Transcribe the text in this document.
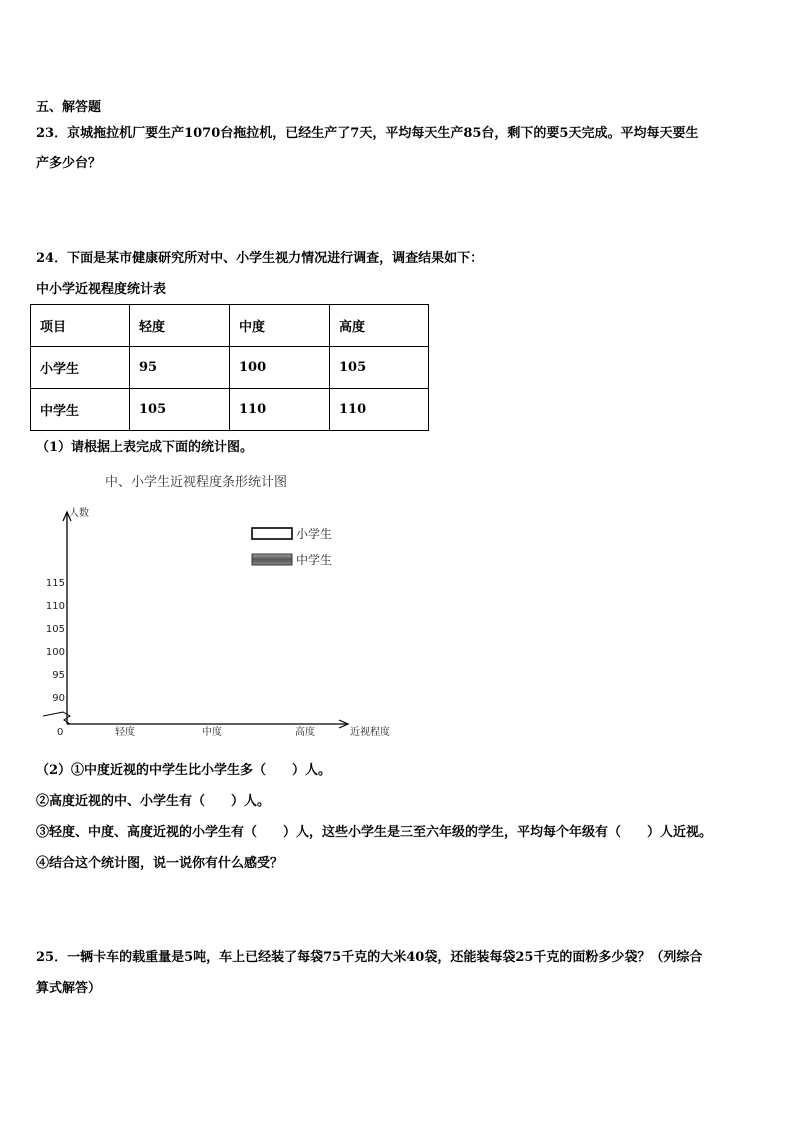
五、解答题
23．京城拖拉机厂要生产1070台拖拉机，已经生产了7天，平均每天生产85台，剩下的要5天完成。平均每天要生
产多少台？
24．下面是某市健康研究所对中、小学生视力情况进行调查，调查结果如下：
中小学近视程度统计表
项目	轻度	中度	高度
小学生	95	100	105
中学生	105	110	110
（1）请根据上表完成下面的统计图。
中、小学生近视程度条形统计图
人数
近视程度
0
90
95
100
105
110
115
轻度	中度	高度
小学生
中学生
（2）①中度近视的中学生比小学生多（　　）人。
②高度近视的中、小学生有（　　）人。
③轻度、中度、高度近视的小学生有（　　）人，这些小学生是三至六年级的学生，平均每个年级有（　　）人近视。
④结合这个统计图，说一说你有什么感受？
25．一辆卡车的载重量是5吨，车上已经装了每袋75千克的大米40袋，还能装每袋25千克的面粉多少袋？（列综合
算式解答）
